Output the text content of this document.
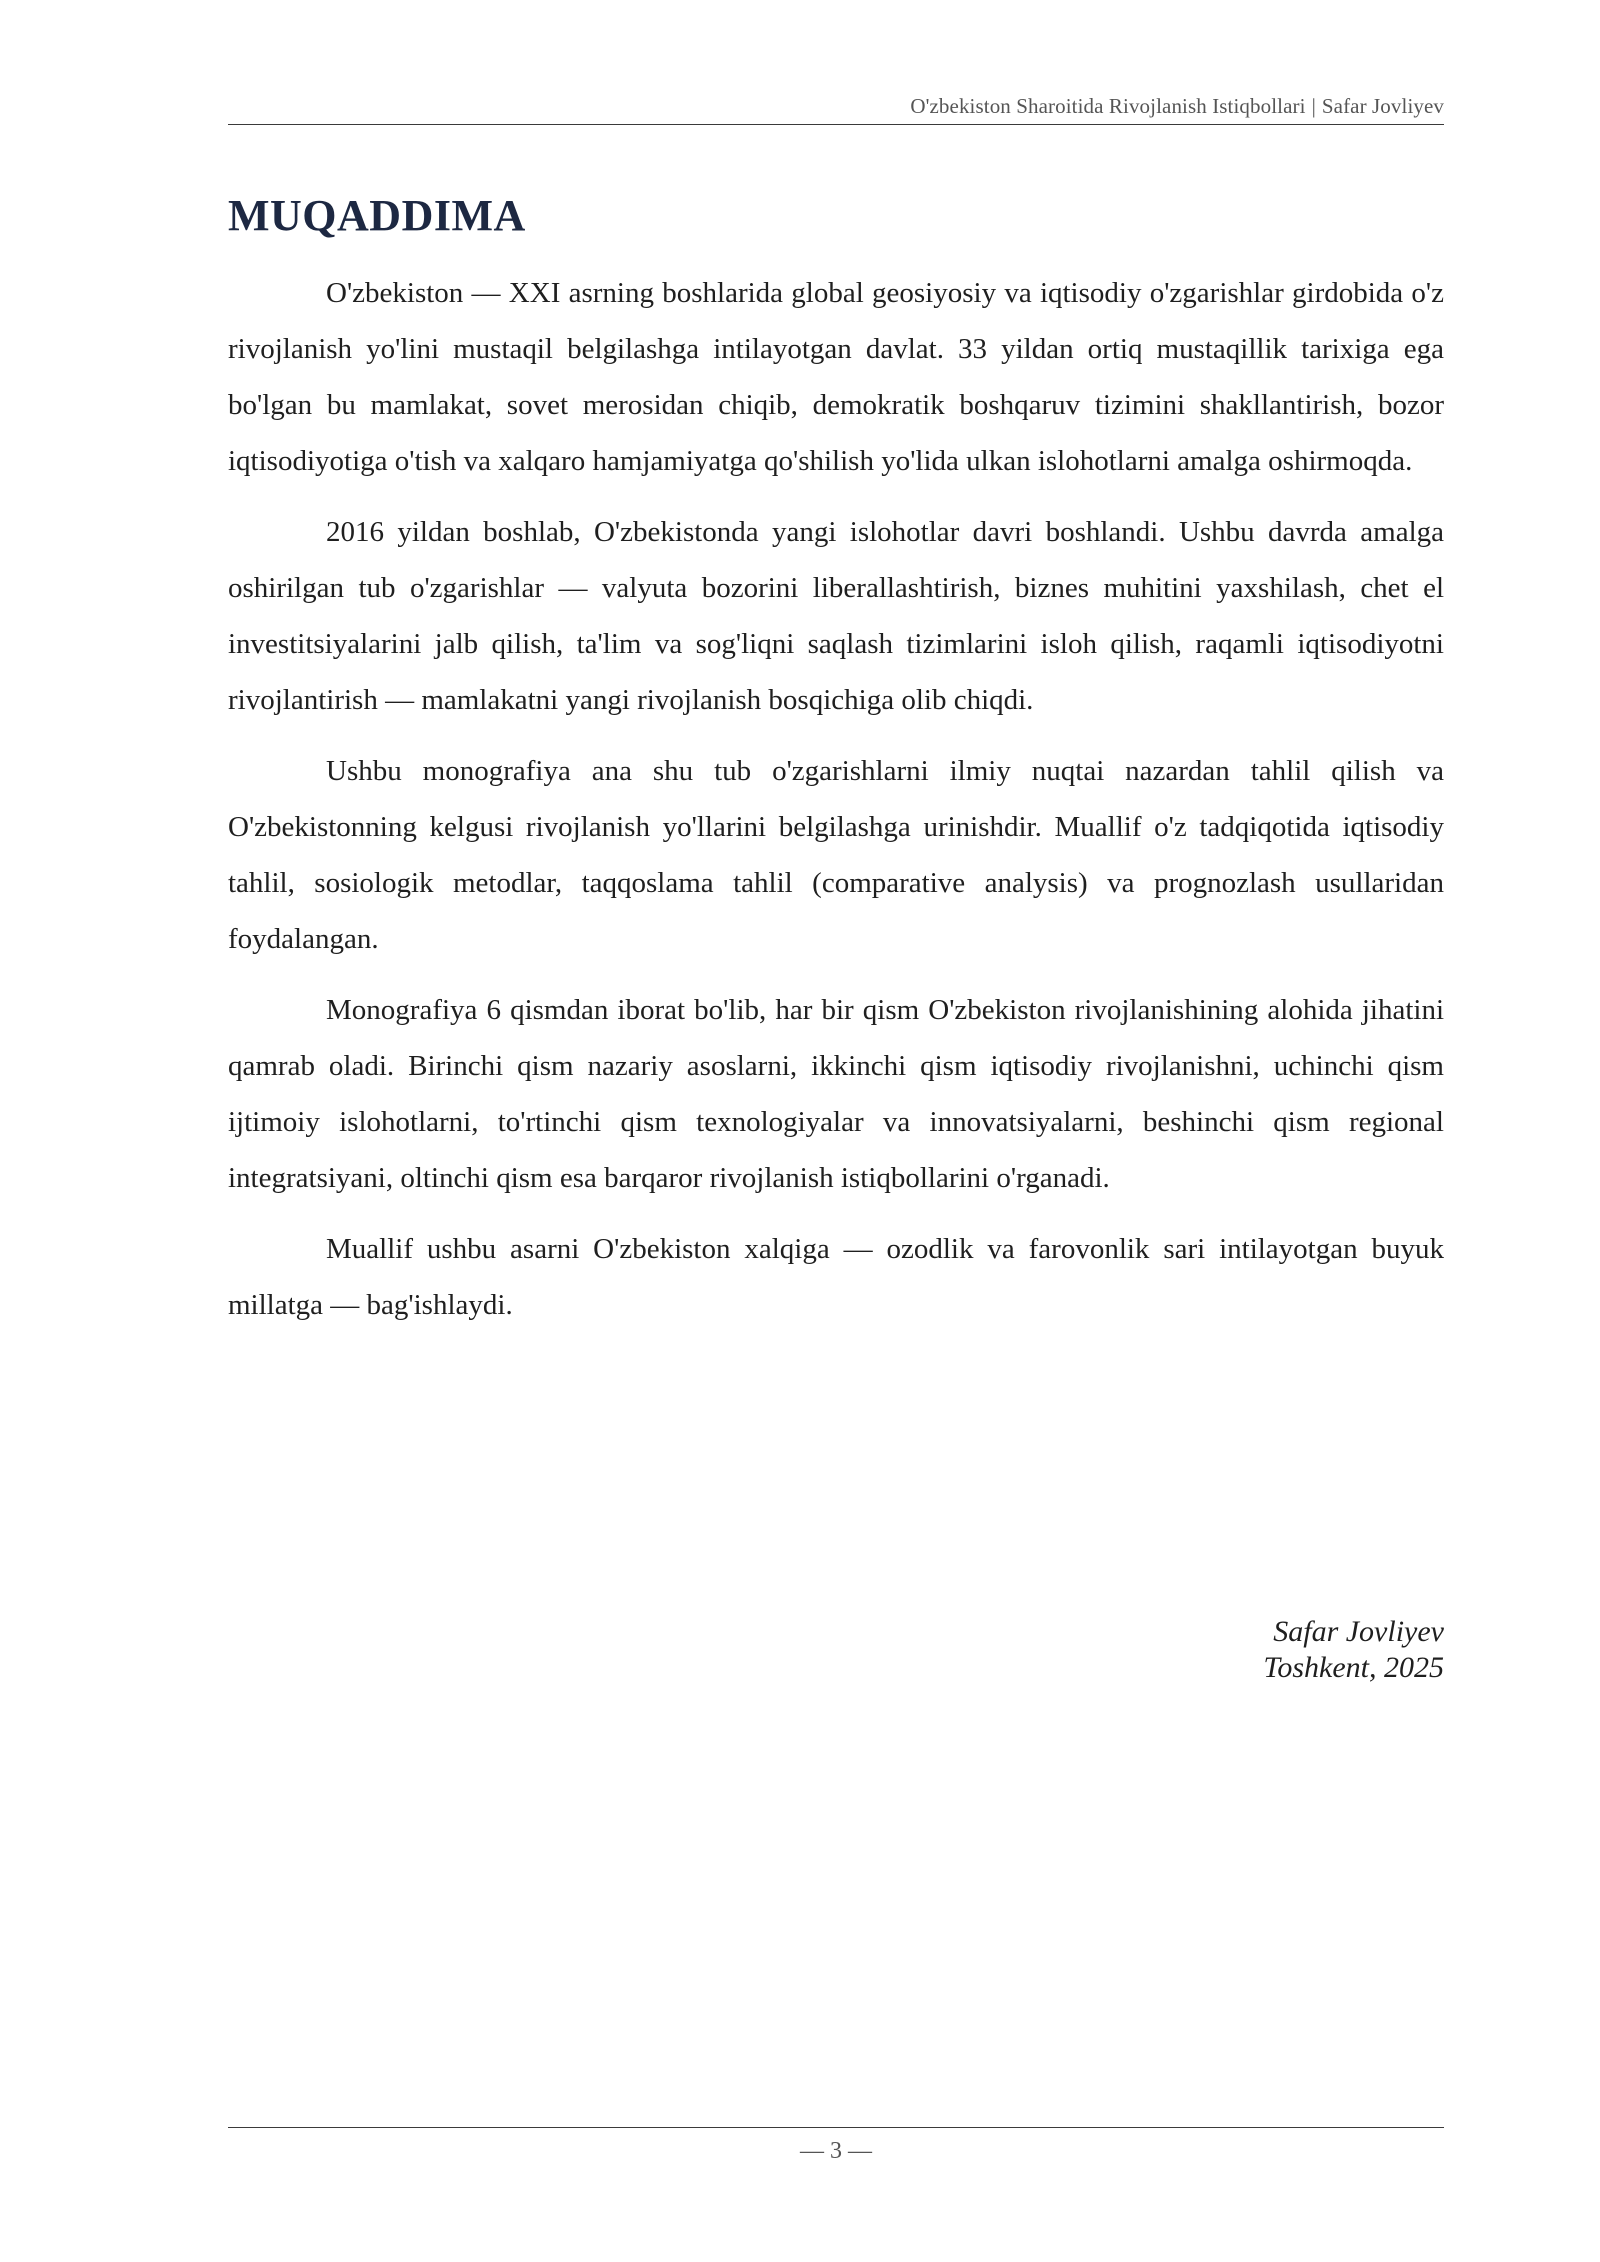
O'zbekiston Sharoitida Rivojlanish Istiqbollari | Safar Jovliyev
MUQADDIMA

O'zbekiston — XXI asrning boshlarida global geosiyosiy va iqtisodiy o'zgarishlar girdobida o'z rivojlanish yo'lini mustaqil belgilashga intilayotgan davlat. 33 yildan ortiq mustaqillik tarixiga ega bo'lgan bu mamlakat, sovet merosidan chiqib, demokratik boshqaruv tizimini shakllantirish, bozor iqtisodiyotiga o'tish va xalqaro hamjamiyatga qo'shilish yo'lida ulkan islohotlarni amalga oshirmoqda.

2016 yildan boshlab, O'zbekistonda yangi islohotlar davri boshlandi. Ushbu davrda amalga oshirilgan tub o'zgarishlar — valyuta bozorini liberallashtirish, biznes muhitini yaxshilash, chet el investitsiyalarini jalb qilish, ta'lim va sog'liqni saqlash tizimlarini isloh qilish, raqamli iqtisodiyotni rivojlantirish — mamlakatni yangi rivojlanish bosqichiga olib chiqdi.

Ushbu monografiya ana shu tub o'zgarishlarni ilmiy nuqtai nazardan tahlil qilish va O'zbekistonning kelgusi rivojlanish yo'llarini belgilashga urinishdir. Muallif o'z tadqiqotida iqtisodiy tahlil, sosiologik metodlar, taqqoslama tahlil (comparative analysis) va prognozlash usullaridan foydalangan.

Monografiya 6 qismdan iborat bo'lib, har bir qism O'zbekiston rivojlanishining alohida jihatini qamrab oladi. Birinchi qism nazariy asoslarni, ikkinchi qism iqtisodiy rivojlanishni, uchinchi qism ijtimoiy islohotlarni, to'rtinchi qism texnologiyalar va innovatsiyalarni, beshinchi qism regional integratsiyani, oltinchi qism esa barqaror rivojlanish istiqbollarini o'rganadi.

Muallif ushbu asarni O'zbekiston xalqiga — ozodlik va farovonlik sari intilayotgan buyuk millatga — bag'ishlaydi.

Safar Jovliyev
Toshkent, 2025
— 3 —
